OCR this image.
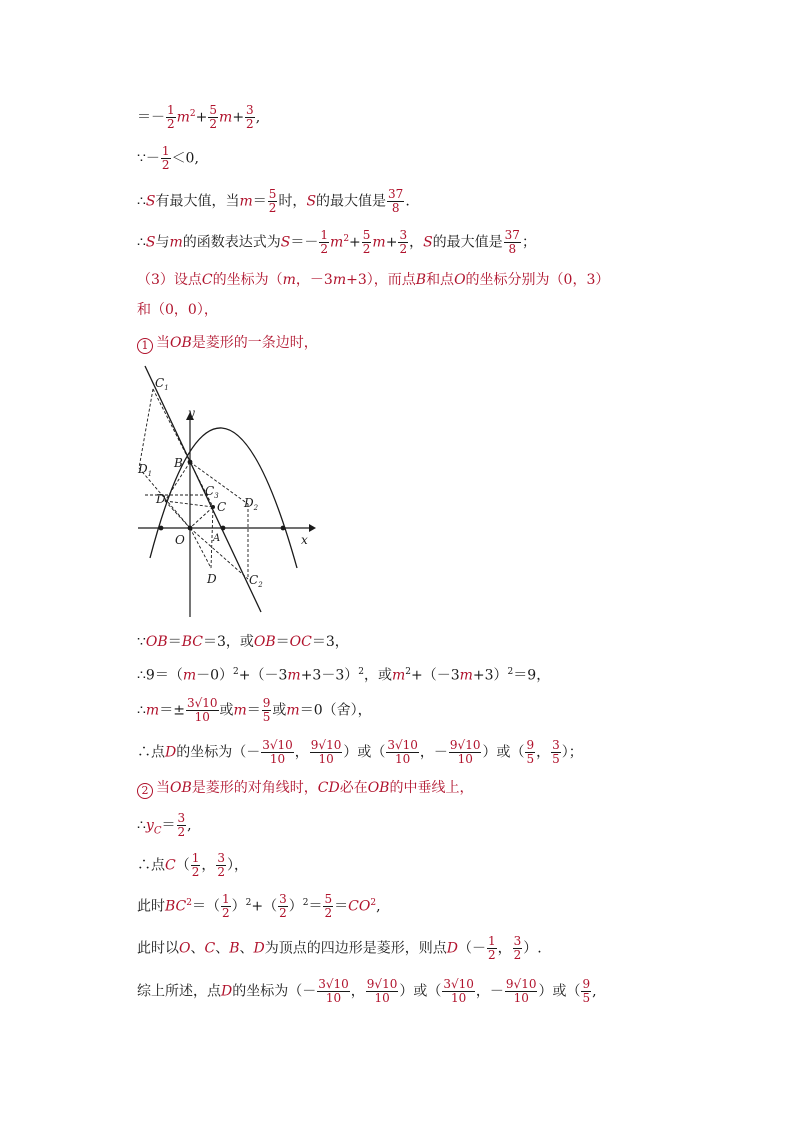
＝－ $\frac{1}{2} m^2+ \frac{5}{2} m+ \frac{3}{2}$ ,
∵－ $\frac{1}{2} <0$,
∴S有最大值，当$m= \frac{5}{2}$ 时，S的最大值是 $\frac{37}{8}$ .
∴S与m的函数表达式为$S=- \frac{1}{2} m^2+ \frac{5}{2} m+ \frac{3}{2}$ ，S的最大值是 $\frac{37}{8}$ ；
（3）设点C的坐标为（m，－3m+3），而点B和点O的坐标分别为（0，3）
和（0，0），
1 当OB是菱形的一条边时，
$C_1$
$D_1$
y
B
$C_3$
D	$D_2$
C
O	A	x
D	$C_2$
∵OB＝BC＝3，或OB＝OC＝3，
$\therefore 9=(m-0)^2+(-3m+3-3)^2$，或$m^2+(-3m+3)^2=9$，
∴m＝± $\frac{3√10}{10}$ 或$m= \frac{9}{5}$ 或m＝0（舍），
∴点D的坐标为（－ $\frac{3√10}{10}$ ， $\frac{9√10}{10}$ ）或（ $\frac{3√10}{10}$ ，－ $\frac{9√10}{10}$ ）或（ $\frac{9}{5}$ ， $\frac{3}{5}$ ）；
2 当OB是菱形的对角线时，CD必在OB的中垂线上，
$\therefore y_C= \frac{3}{2}$ ,
∴点$C( \frac{1}{2}$ ， $\frac{3}{2}$ ），
此时$BC^2=( \frac{1}{2} )^2+( \frac{3}{2} )^2= \frac{5}{2} =CO^2$,
此时以O、C、B、D为顶点的四边形是菱形，则点$D(- \frac{1}{2}$ ， $\frac{3}{2}$ ）.
综上所述，点D的坐标为（－ $\frac{3√10}{10}$ ， $\frac{9√10}{10}$ ）或（ $\frac{3√10}{10}$ ，－ $\frac{9√10}{10}$ ）或（ $\frac{9}{5}$ ,
